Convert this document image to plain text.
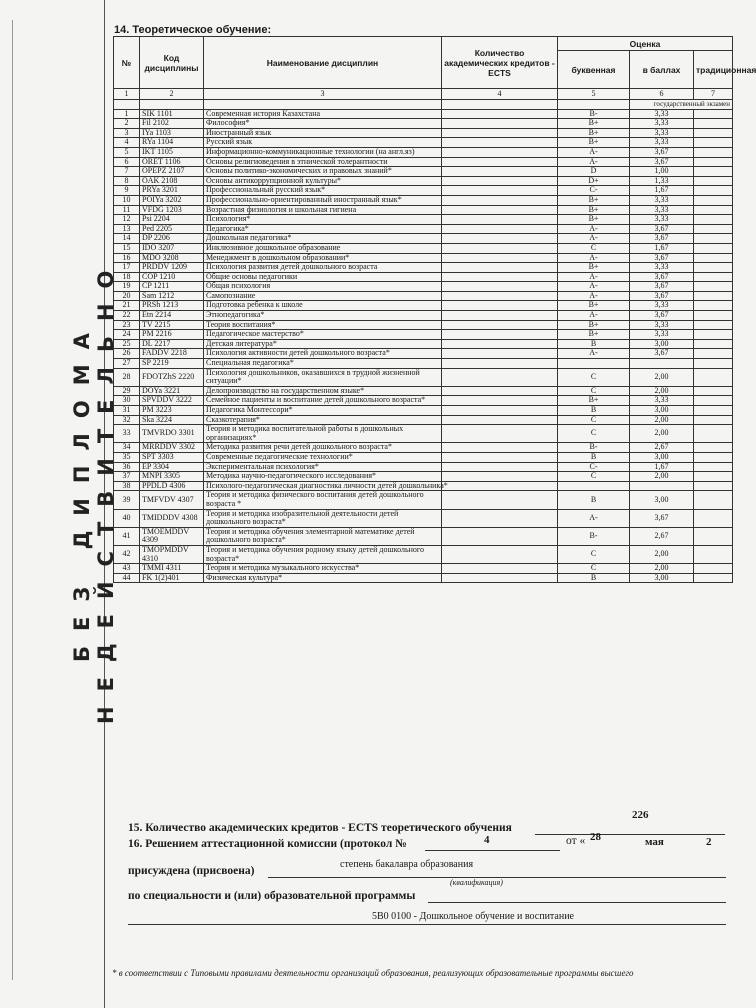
БЕЗ ДИПЛОМА НЕДЕЙСТВИТЕЛЬНО
14. Теоретическое обучение:
№	Код дисциплины	Наименование дисциплин	Количество академических кредитов - ECTS	Оценка		
				буквенная	в баллах	традиционная
1	2	3	4	5	6	7
					государственный экзамен	
1	SIK 1101	Современная история Казахстана		B-	3,33	
2	Fil 2102	Философия*		B+	3,33	
3	IYa 1103	Иностранный язык		B+	3,33	
4	RYa 1104	Русский язык		B+	3,33	
5	IKT 1105	Информационно-коммуникационные технологии (на англ.яз)		A-	3,67	
6	ORET 1106	Основы религиоведения в этнической толерантности		A-	3,67	
7	OPEPZ 2107	Основы политико-экономических и правовых знаний*		D	1,00	
8	OAK 2108	Основы антикоррупционной культуры*		D+	1,33	
9	PRYa 3201	Профессиональный русский язык*		C-	1,67	
10	POIYa 3202	Профессионально-ориентированный иностранный язык*		B+	3,33	
11	VFDG 1203	Возрастная физиология и школьная гигиена		B+	3,33	
12	Psi 2204	Психология*		B+	3,33	
13	Ped 2205	Педагогика*		A-	3,67	
14	DP 2206	Дошкольная педагогика*		A-	3,67	
15	IDO 3207	Инклюзивное дошкольное образование		C	1,67	
16	MDO 3208	Менеджмент в дошкольном образовании*		A-	3,67	
17	PRDDV 1209	Психология развития детей дошкольного возраста		B+	3,33	
18	COP 1210	Общие основы педагогики		A-	3,67	
19	CP 1211	Общая психология		A-	3,67	
20	Sam 1212	Самопознание		A-	3,67	
21	PRSh 1213	Подготовка ребенка к школе		B+	3,33	
22	Etn 2214	Этнопедагогика*		A-	3,67	
23	TV 2215	Теория воспитания*		B+	3,33	
24	PM 2216	Педагогическое мастерство*		B+	3,33	
25	DL 2217	Детская литература*		B	3,00	
26	FADDV 2218	Психология активности детей дошкольного возраста*		A-	3,67	
27	SP 2219	Специальная педагогика*				
28	FDOTZhS 2220	Психология дошкольников, оказавшихся в трудной жизненной ситуации*		C	2,00	
29	DOYa 3221	Делопроизводство на государственном языке*		C	2,00	
30	SPVDDV 3222	Семейное пациенты и воспитание детей дошкольного возраста*		B+	3,33	
31	PM 3223	Педагогика Монтессори*		B	3,00	
32	Ska 3224	Сказкотерапия*		C	2,00	
33	TMVRDO 3301	Теория и методика воспитательной работы в дошкольных организациях*		C	2,00	
34	MRRDDV 3302	Методика развития речи детей дошкольного возраста*		B-	2,67	
35	SPT 3303	Современные педагогические технологии*		B	3,00	
36	EP 3304	Экспериментальная психология*		C-	1,67	
37	MNPI 3305	Методика научно-педагогического исследования*		C	2,00	
38	PPDLD 4306	Психолого-педагогическая диагностика личности детей дошкольника*				
39	TMFVDV 4307	Теория и методика физического воспитания детей дошкольного возраста *		B	3,00	
40	TMIDDDV 4308	Теория и методика изобразительной деятельности детей дошкольного возраста*		A-	3,67	
41	TMOEMDDV 4309	Теория и методика обучения элементарной математике детей дошкольного возраста*		B-	2,67	
42	TMOPMDDV 4310	Теория и методика обучения родному языку детей дошкольного возраста*		C	2,00	
43	TMMI 4311	Теория и методика музыкального искусства*		C	2,00	
44	FK 1(2)401	Физическая культура*		B	3,00	
15. Количество академических кредитов - ECTS теоретического обучения
226
16. Решением аттестационной комиссии (протокол №	4	от « 28	мая	2
присуждена (присвоена)
степень бакалавра образования
(квалификация)
по специальности и (или) образовательной программы
5В0 0100 - Дошкольное обучение и воспитание
* в соответствии с Типовыми правилами деятельности организаций образования, реализующих образовательные программы высшего
